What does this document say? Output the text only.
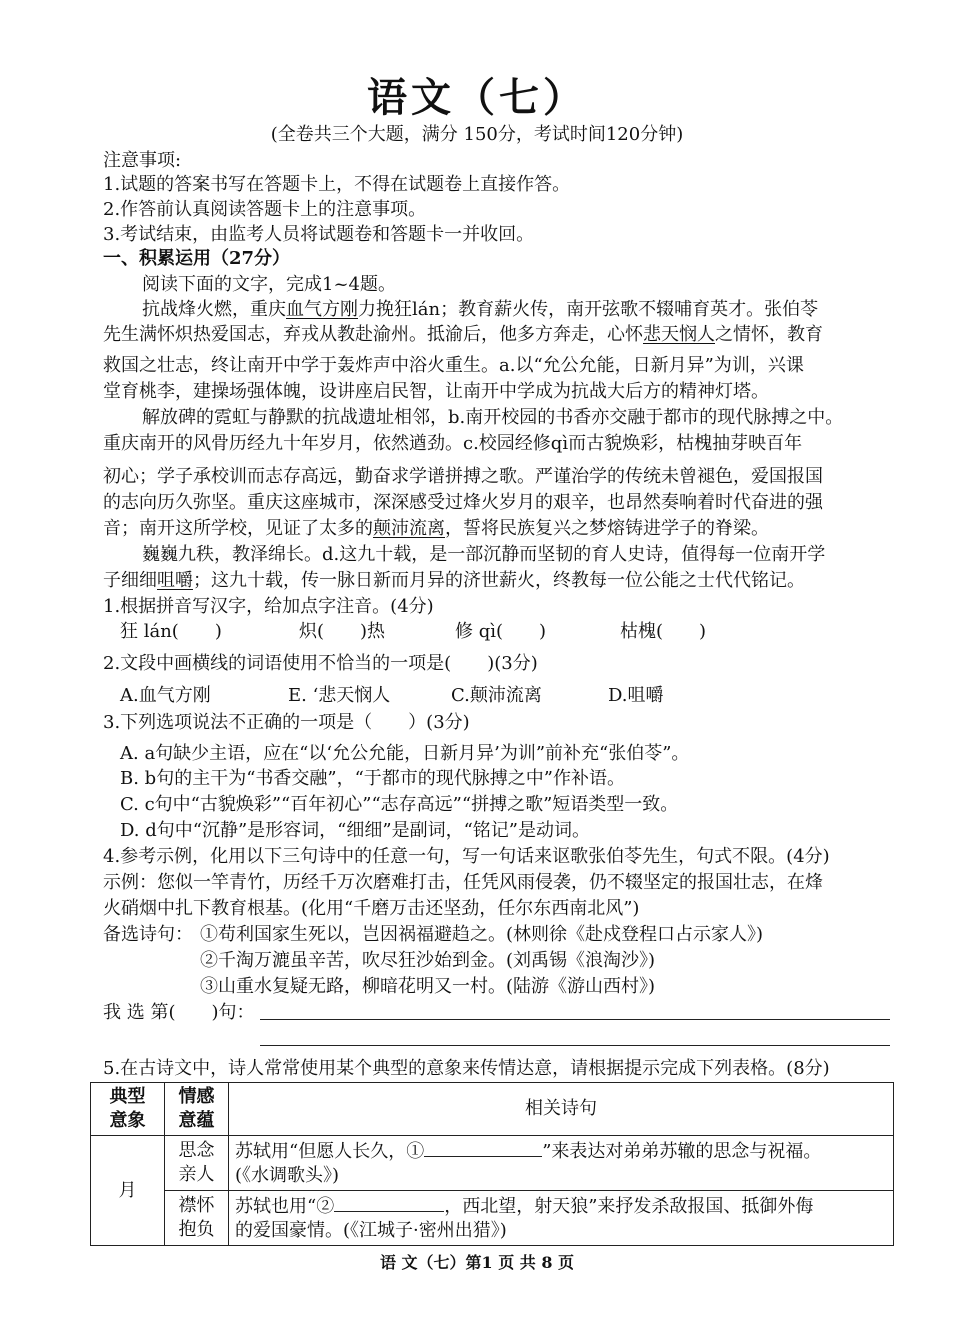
语文（七）
(全卷共三个大题，满分 150分，考试时间120分钟)
注意事项:
1.试题的答案书写在答题卡上，不得在试题卷上直接作答。
2.作答前认真阅读答题卡上的注意事项。
3.考试结束，由监考人员将试题卷和答题卡一并收回。
一、积累运用（27分）
阅读下面的文字，完成1~4题。
抗战烽火燃，重庆血气方刚力挽狂lán；教育薪火传，南开弦歌不辍哺育英才。张伯苓
先生满怀炽热爱国志，弃戎从教赴渝州。抵渝后，他多方奔走，心怀悲天悯人之情怀，教育
救国之壮志，终让南开中学于轰炸声中浴火重生。a.以“允公允能，日新月异”为训，兴课
堂育桃李，建操场强体魄，设讲座启民智，让南开中学成为抗战大后方的精神灯塔。
解放碑的霓虹与静默的抗战遗址相邻，b.南开校园的书香亦交融于都市的现代脉搏之中。
重庆南开的风骨历经九十年岁月，依然遒劲。c.校园经修qì而古貌焕彩，枯槐抽芽映百年
初心；学子承校训而志存高远，勤奋求学谱拼搏之歌。严谨治学的传统未曾褪色，爱国报国
的志向历久弥坚。重庆这座城市，深深感受过烽火岁月的艰辛，也昂然奏响着时代奋进的强
音；南开这所学校，见证了太多的颠沛流离，誓将民族复兴之梦熔铸进学子的脊梁。
巍巍九秩，教泽绵长。d.这九十载，是一部沉静而坚韧的育人史诗，值得每一位南开学
子细细咀嚼；这九十载，传一脉日新而月异的济世薪火，终教每一位公能之士代代铭记。
1.根据拼音写汉字，给加点字注音。(4分)
狂 lán(　　)	炽(　　)热	修 qì(　　)	枯槐(　　)
2.文段中画横线的词语使用不恰当的一项是(　　)(3分)
A.血气方刚	E. ‘悲天悯人	C.颠沛流离	D.咀嚼
3.下列选项说法不正确的一项是（　　）(3分)
A. a句缺少主语，应在“以‘允公允能，日新月异’为训”前补充“张伯苓”。
B. b句的主干为“书香交融”，“于都市的现代脉搏之中”作补语。
C. c句中“古貌焕彩”“百年初心”“志存高远”“拼搏之歌”短语类型一致。
D. d句中“沉静”是形容词，“细细”是副词，“铭记”是动词。
4.参考示例，化用以下三句诗中的任意一句，写一句话来讴歌张伯苓先生，句式不限。(4分)
示例：您似一竿青竹，历经千万次磨难打击，任凭风雨侵袭，仍不辍坚定的报国壮志，在烽
火硝烟中扎下教育根基。(化用“千磨万击还坚劲，任尔东西南北风”)
备选诗句： ①苟利国家生死以，岂因祸福避趋之。(林则徐《赴戍登程口占示家人》)
②千淘万漉虽辛苦，吹尽狂沙始到金。(刘禹锡《浪淘沙》)
③山重水复疑无路，柳暗花明又一村。(陆游《游山西村》)
我 选 第(　　)句：
5.在古诗文中，诗人常常使用某个典型的意象来传情达意，请根据提示完成下列表格。(8分)
典型意象	情感意蕴	相关诗句
月	思念亲人	苏轼用“但愿人长久，① ”来表达对弟弟苏辙的思念与祝福。
(《水调歌头》)
	襟怀抱负	苏轼也用“② ，西北望，射天狼”来抒发杀敌报国、抵御外侮
的爱国豪情。(《江城子·密州出猎》)
语 文（七）第1 页 共 8 页
